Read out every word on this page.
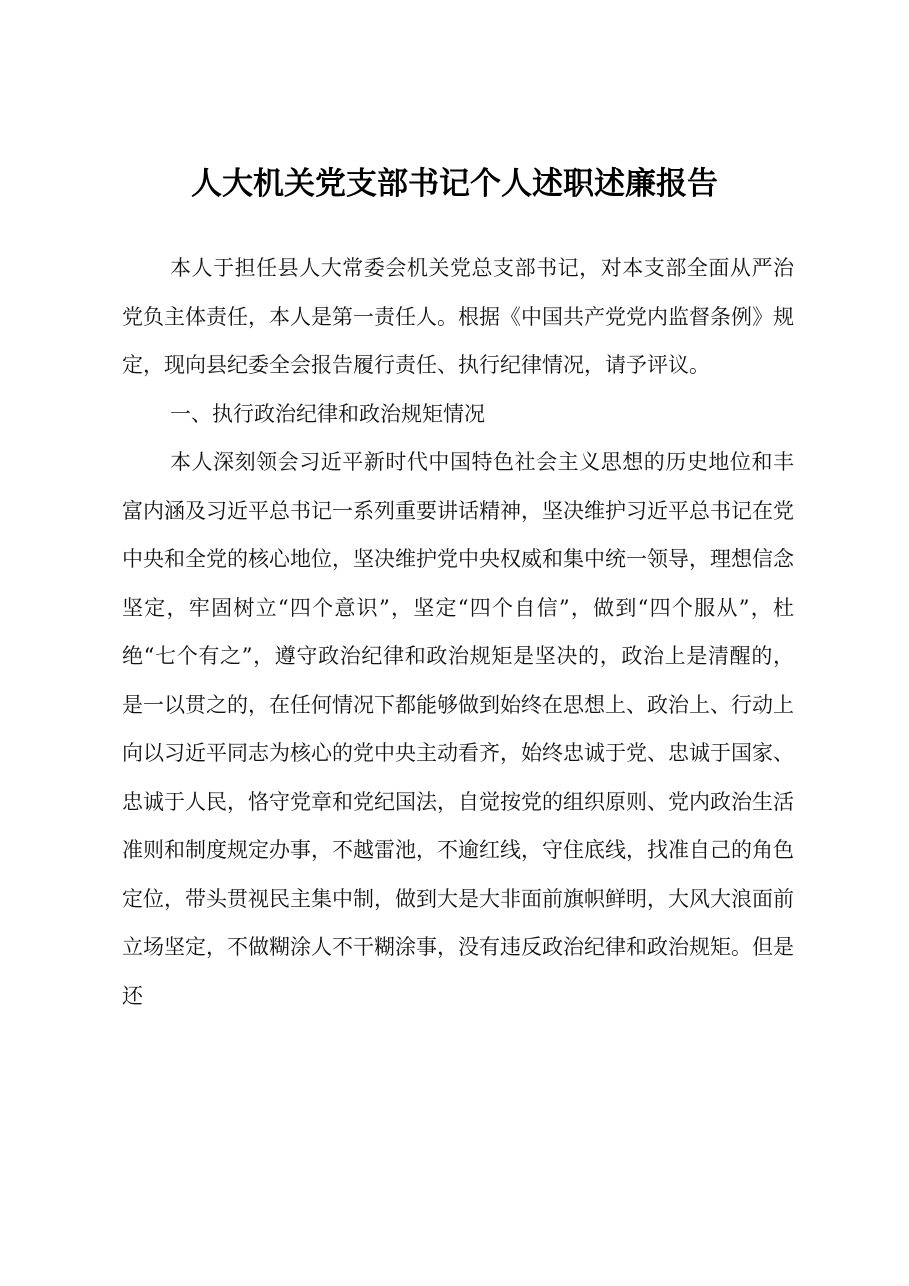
人大机关党支部书记个人述职述廉报告

本人于担任县人大常委会机关党总支部书记，对本支部全面从严治党负主体责任，本人是第一责任人。根据《中国共产党党内监督条例》规定，现向县纪委全会报告履行责任、执行纪律情况，请予评议。

一、执行政治纪律和政治规矩情况

本人深刻领会习近平新时代中国特色社会主义思想的历史地位和丰富内涵及习近平总书记一系列重要讲话精神，坚决维护习近平总书记在党中央和全党的核心地位，坚决维护党中央权威和集中统一领导，理想信念坚定，牢固树立“四个意识”，坚定“四个自信”，做到“四个服从”，杜绝“七个有之”，遵守政治纪律和政治规矩是坚决的，政治上是清醒的，是一以贯之的，在任何情况下都能够做到始终在思想上、政治上、行动上向以习近平同志为核心的党中央主动看齐，始终忠诚于党、忠诚于国家、忠诚于人民，恪守党章和党纪国法，自觉按党的组织原则、党内政治生活准则和制度规定办事，不越雷池，不逾红线，守住底线，找准自己的角色定位，带头贯视民主集中制，做到大是大非面前旗帜鲜明，大风大浪面前立场坚定，不做糊涂人不干糊涂事，没有违反政治纪律和政治规矩。但是还
